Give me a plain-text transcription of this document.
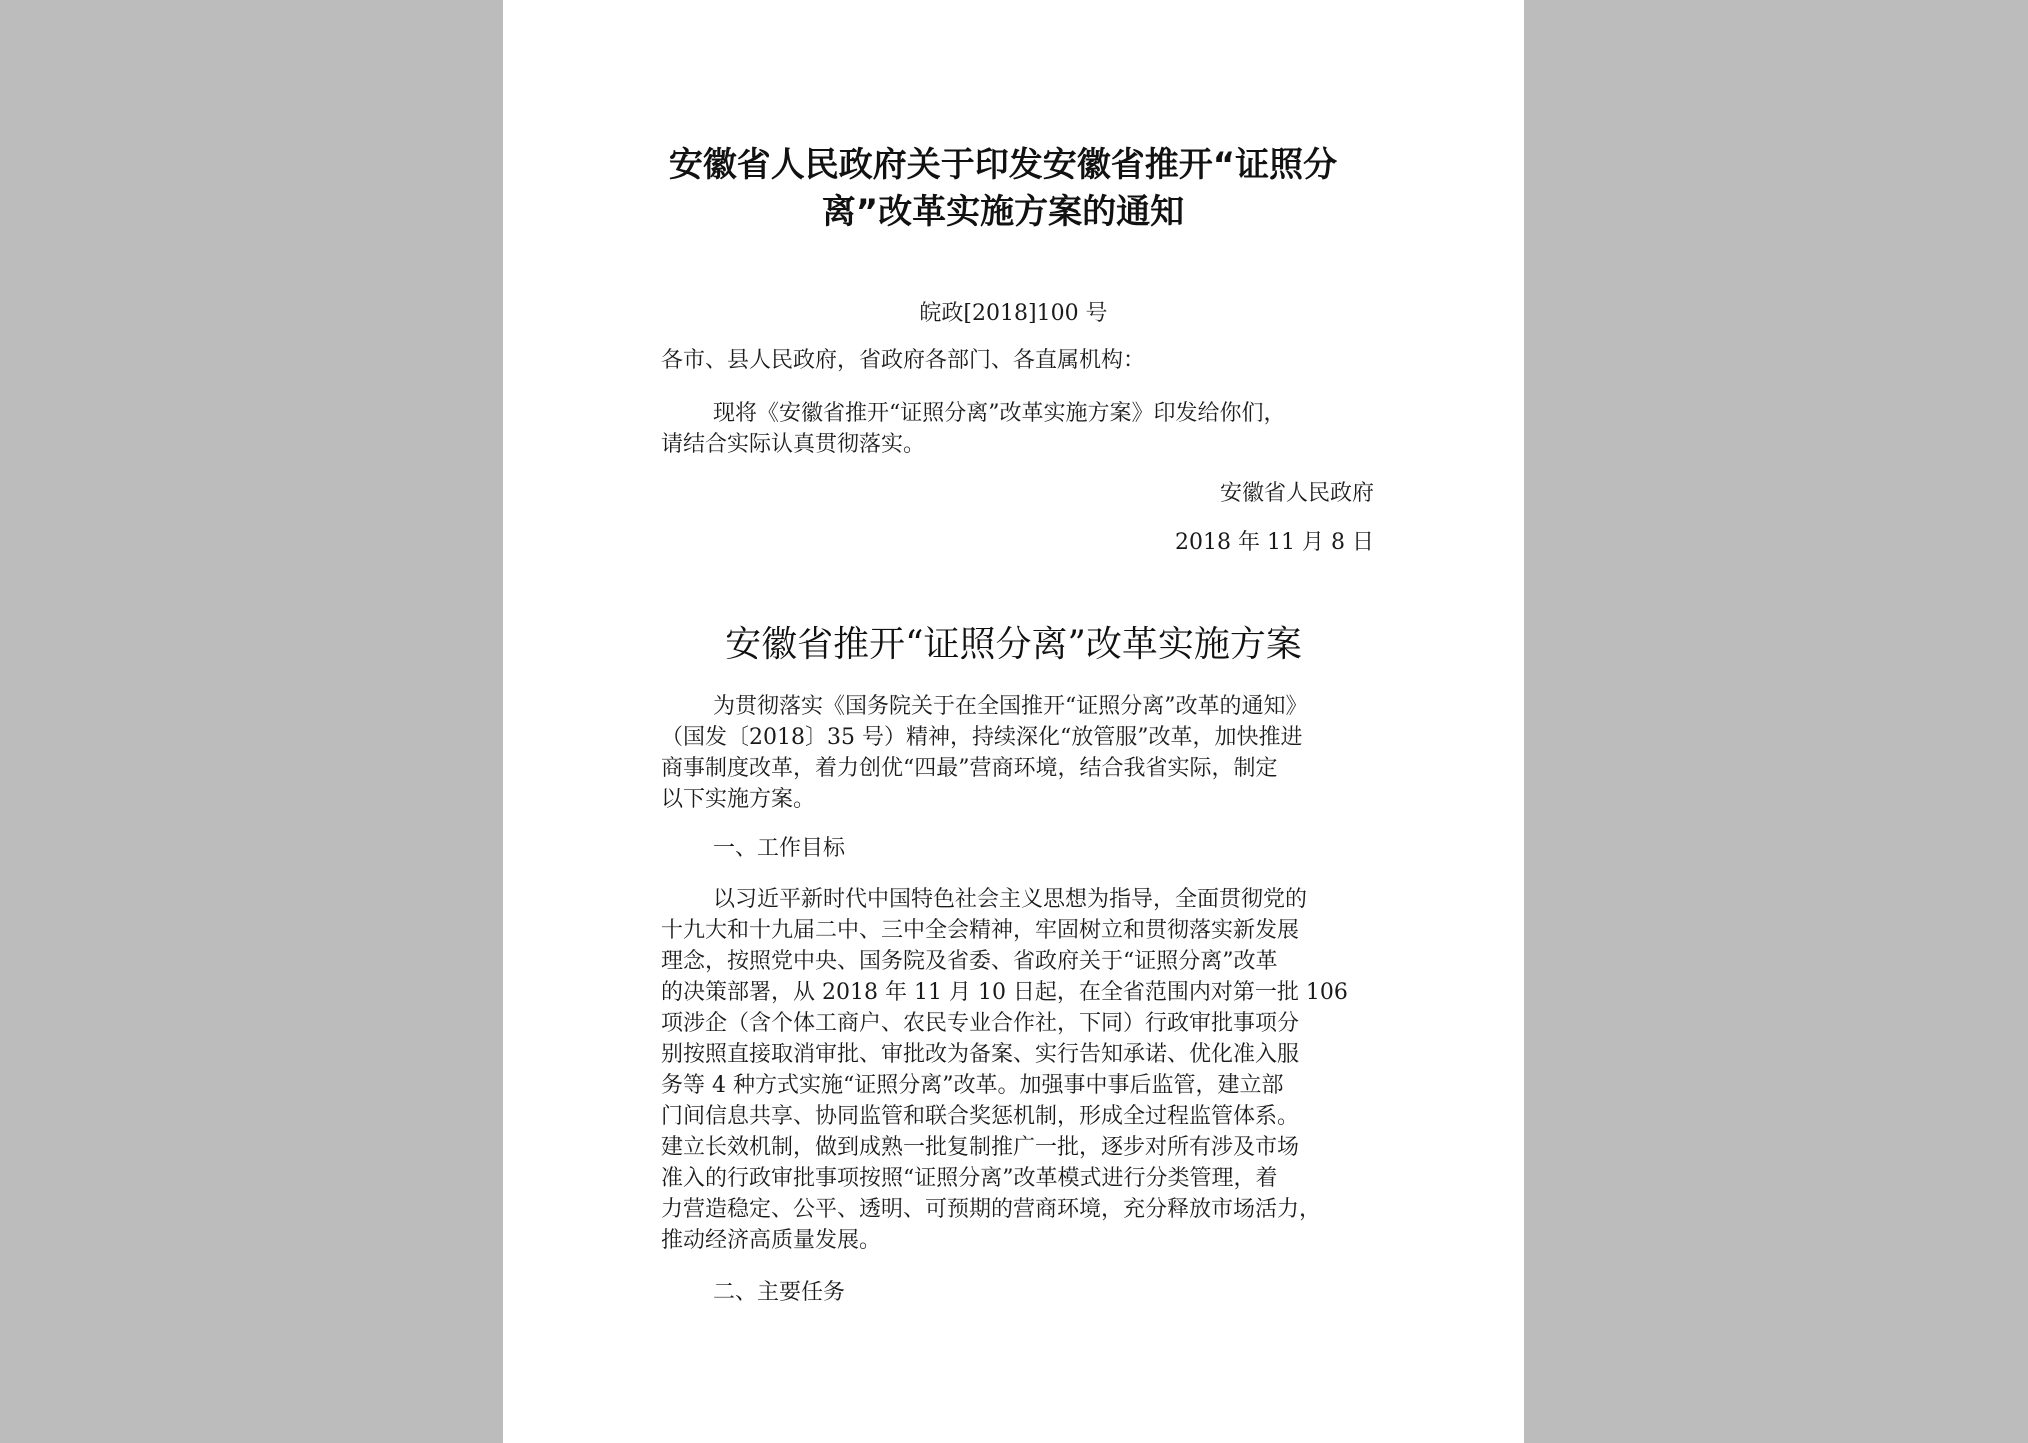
安徽省人民政府关于印发安徽省推开“证照分
离”改革实施方案的通知

皖政[2018]100 号

各市、县人民政府，省政府各部门、各直属机构：

现将《安徽省推开“证照分离”改革实施方案》印发给你们，

请结合实际认真贯彻落实。

安徽省人民政府

2018 年 11 月 8 日

安徽省推开“证照分离”改革实施方案
为贯彻落实《国务院关于在全国推开“证照分离”改革的通知》
（国发〔2018〕35 号）精神，持续深化“放管服”改革，加快推进
商事制度改革，着力创优“四最”营商环境，结合我省实际，制定
以下实施方案。

一、工作目标

以习近平新时代中国特色社会主义思想为指导，全面贯彻党的
十九大和十九届二中、三中全会精神，牢固树立和贯彻落实新发展
理念，按照党中央、国务院及省委、省政府关于“证照分离”改革
的决策部署，从 2018 年 11 月 10 日起，在全省范围内对第一批 106
项涉企（含个体工商户、农民专业合作社，下同）行政审批事项分
别按照直接取消审批、审批改为备案、实行告知承诺、优化准入服
务等 4 种方式实施“证照分离”改革。加强事中事后监管，建立部
门间信息共享、协同监管和联合奖惩机制，形成全过程监管体系。
建立长效机制，做到成熟一批复制推广一批，逐步对所有涉及市场
准入的行政审批事项按照“证照分离”改革模式进行分类管理，着
力营造稳定、公平、透明、可预期的营商环境，充分释放市场活力，
推动经济高质量发展。

二、主要任务
